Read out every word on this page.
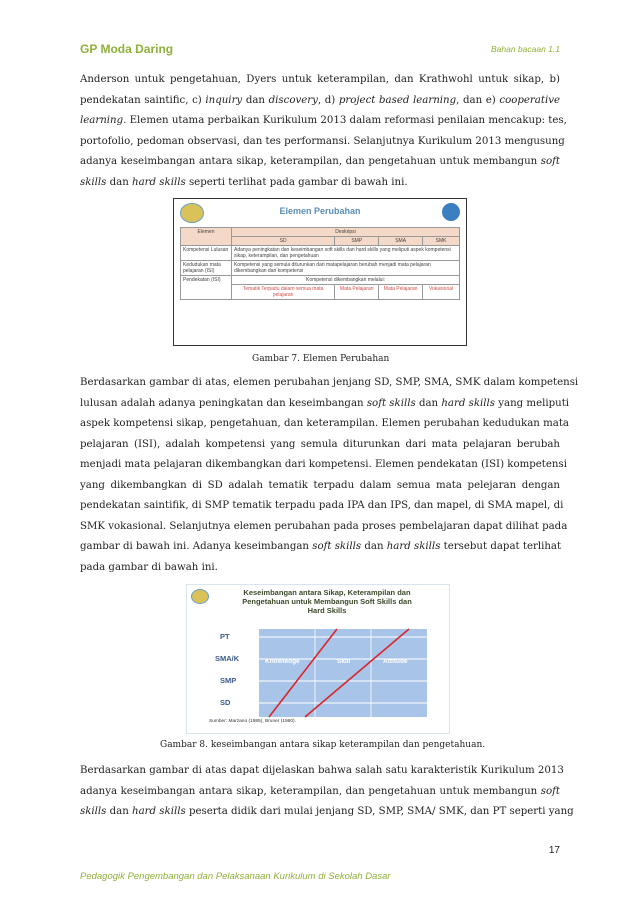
GP Moda Daring	Bahan bacaan 1.1
Anderson untuk pengetahuan, Dyers untuk keterampilan, dan Krathwohl untuk sikap, b)
pendekatan saintific, c) inquiry dan discovery, d) project based learning, dan e) cooperative
learning. Elemen utama perbaikan Kurikulum 2013 dalam reformasi penilaian mencakup: tes,
portofolio, pedoman observasi, dan tes performansi. Selanjutnya Kurikulum 2013 mengusung
adanya keseimbangan antara sikap, keterampilan, dan pengetahuan untuk membangun soft
skills dan hard skills seperti terlihat pada gambar di bawah ini.
Elemen Perubahan
Elemen	Deskripsi			
	SD	SMP	SMA	SMK
Kompetensi Lulusan	Adanya peningkatan dan keseimbangan soft skills dan hard skills yang meliputi aspek kompetensi sikap, keterampilan, dan pengetahuan			
Kedudukan mata pelajaran (ISI)	Kompetensi yang semula diturunkan dari matapelajaran berubah menjadi mata pelajaran dikembangkan dari kompetensi			
Pendekatan (ISI)	Kompetensi dikembangkan melalui:			
	Tematik Terpadu dalam semua mata pelajaran	Mata Pelajaran	Mata Pelajaran	Vokasional
Gambar 7. Elemen Perubahan
Berdasarkan gambar di atas, elemen perubahan jenjang SD, SMP, SMA, SMK dalam kompetensi
lulusan adalah adanya peningkatan dan keseimbangan soft skills dan hard skills yang meliputi
aspek kompetensi sikap, pengetahuan, dan keterampilan. Elemen perubahan kedudukan mata
pelajaran (ISI), adalah kompetensi yang semula diturunkan dari mata pelajaran berubah
menjadi mata pelajaran dikembangkan dari kompetensi. Elemen pendekatan (ISI) kompetensi
yang dikembangkan di SD adalah tematik terpadu dalam semua mata pelejaran dengan
pendekatan saintifik, di SMP tematik terpadu pada IPA dan IPS, dan mapel, di SMA mapel, di
SMK vokasional. Selanjutnya elemen perubahan pada proses pembelajaran dapat dilihat pada
gambar di bawah ini. Adanya keseimbangan soft skills dan hard skills tersebut dapat terlihat
pada gambar di bawah ini.
Knowledge	Skill	Attitude
Keseimbangan antara Sikap, Keterampilan dan
Pengetahuan untuk Membangun Soft Skills dan
Hard Skills
PT
SMA/K
SMP
SD
Sumber: Marzano (1985), Bruner (1960).
Gambar 8. keseimbangan antara sikap keterampilan dan pengetahuan.
Berdasarkan gambar di atas dapat dijelaskan bahwa salah satu karakteristik Kurikulum 2013
adanya keseimbangan antara sikap, keterampilan, dan pengetahuan untuk membangun soft
skills dan hard skills peserta didik dari mulai jenjang SD, SMP, SMA/ SMK, dan PT seperti yang
17
Pedagogik Pengembangan dan Pelaksanaan Kurikulum di Sekolah Dasar
